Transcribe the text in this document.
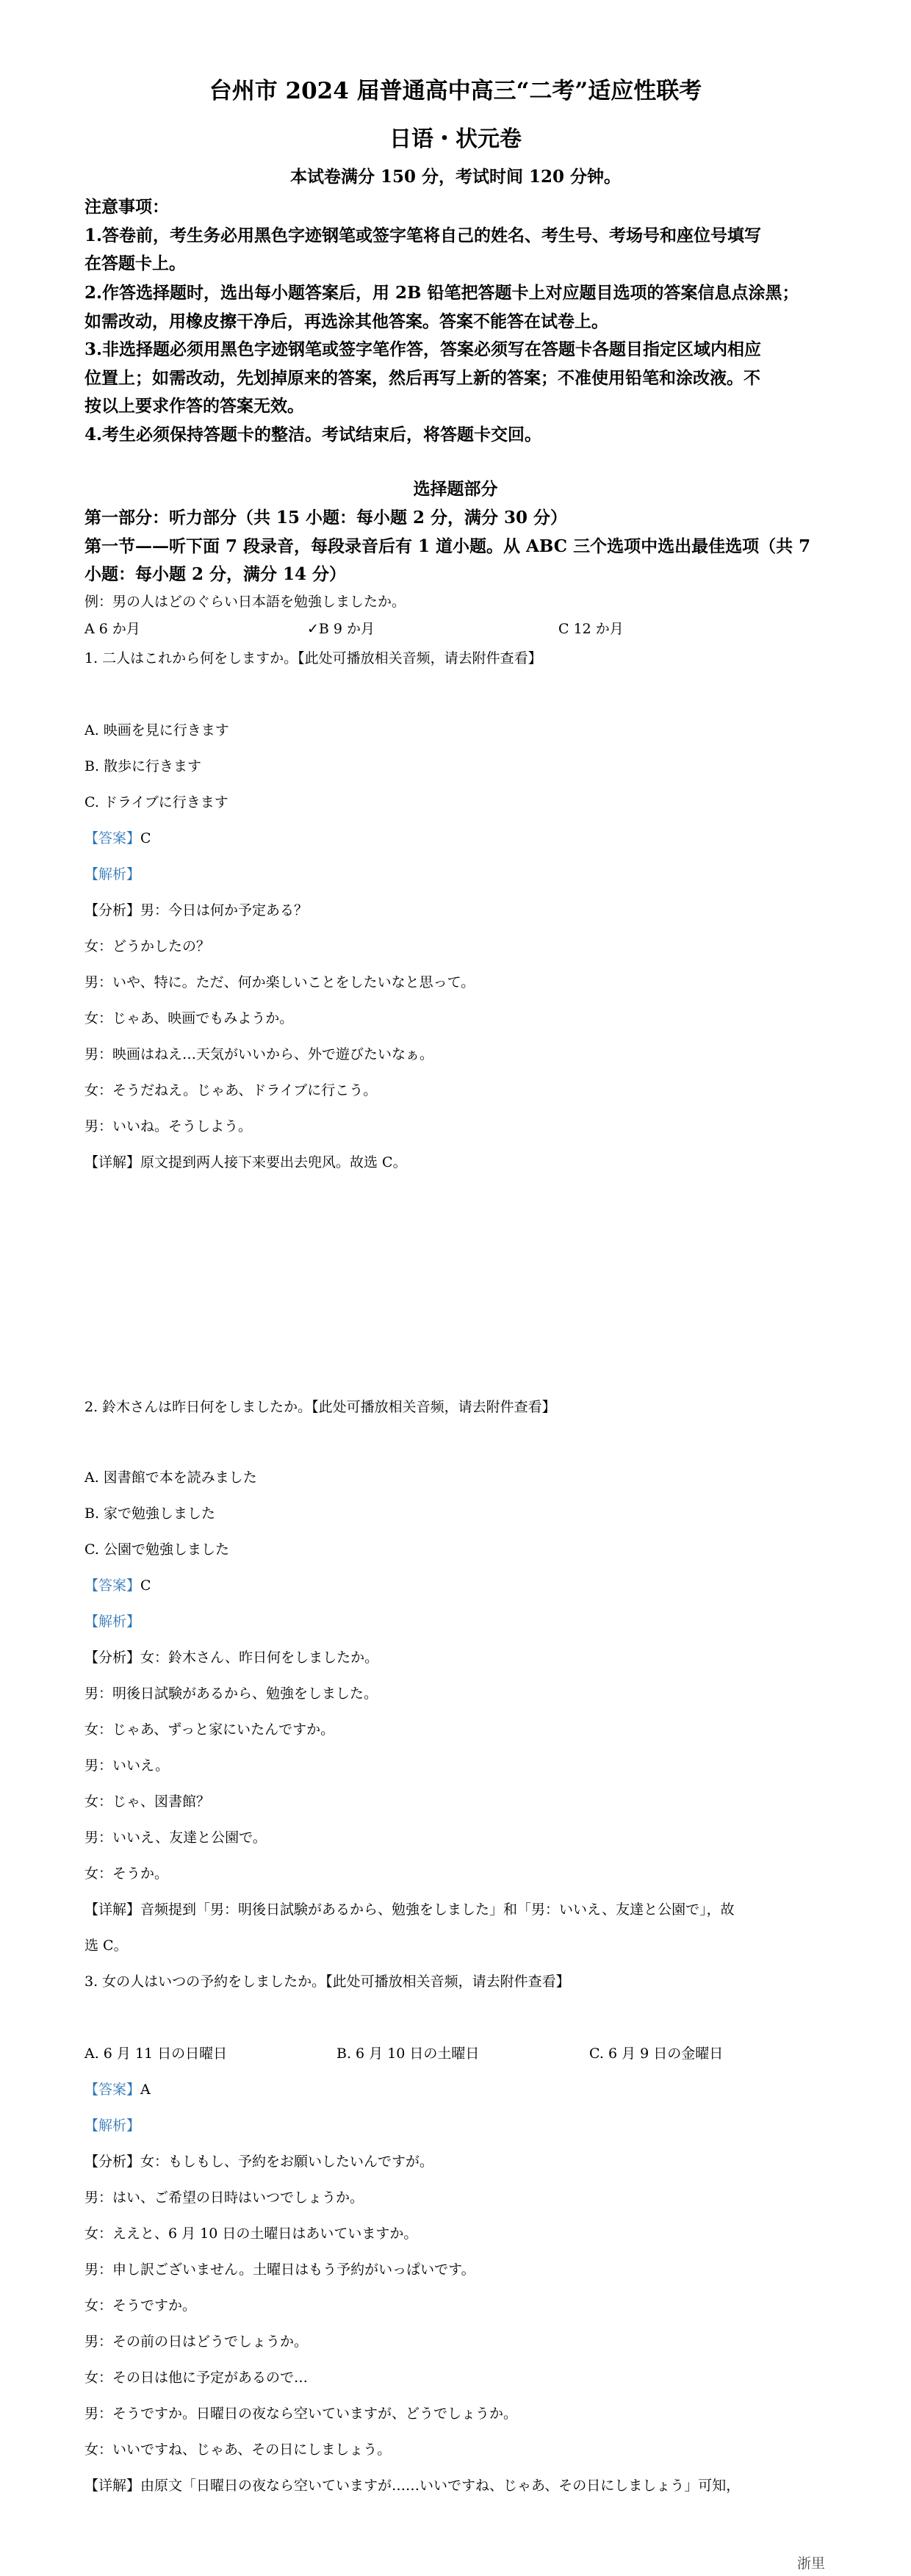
台州市 2024 届普通高中高三“二考”适应性联考
日语・状元卷
本试卷满分 150 分，考试时间 120 分钟。
注意事项：
1.答卷前，考生务必用黑色字迹钢笔或签字笔将自己的姓名、考生号、考场号和座位号填写
在答题卡上。
2.作答选择题时，选出每小题答案后，用 2B 铅笔把答题卡上对应题目选项的答案信息点涂黑；
如需改动，用橡皮擦干净后，再选涂其他答案。答案不能答在试卷上。
3.非选择题必须用黑色字迹钢笔或签字笔作答，答案必须写在答题卡各题目指定区域内相应
位置上；如需改动，先划掉原来的答案，然后再写上新的答案；不准使用铅笔和涂改液。不
按以上要求作答的答案无效。
4.考生必须保持答题卡的整洁。考试结束后，将答题卡交回。
选择题部分
第一部分：听力部分（共 15 小题：每小题 2 分，满分 30 分）
第一节——听下面 7 段录音，每段录音后有 1 道小题。从 ABC 三个选项中选出最佳选项（共 7
小题：每小题 2 分，满分 14 分）
例：男の人はどのぐらい日本語を勉強しましたか。
A 6 か月	✓B 9 か月	C 12 か月
1. 二人はこれから何をしますか。【此处可播放相关音频，请去附件查看】
A. 映画を見に行きます
B. 散歩に行きます
C. ドライブに行きます
【答案】C
【解析】
【分析】男：今日は何か予定ある？
女：どうかしたの？
男：いや、特に。ただ、何か楽しいことをしたいなと思って。
女：じゃあ、映画でもみようか。
男：映画はねえ…天気がいいから、外で遊びたいなぁ。
女：そうだねえ。じゃあ、ドライブに行こう。
男：いいね。そうしよう。
【详解】原文提到两人接下来要出去兜风。故选 C。
2. 鈴木さんは昨日何をしましたか。【此处可播放相关音频，请去附件查看】
A. 図書館で本を読みました
B. 家で勉強しました
C. 公園で勉強しました
【答案】C
【解析】
【分析】女：鈴木さん、昨日何をしましたか。
男：明後日試験があるから、勉強をしました。
女：じゃあ、ずっと家にいたんですか。
男：いいえ。
女：じゃ、図書館？
男：いいえ、友達と公園で。
女：そうか。
【详解】音频提到「男：明後日試験があるから、勉強をしました」和「男：いいえ、友達と公園で」，故
选 C。
3. 女の人はいつの予約をしましたか。【此处可播放相关音频，请去附件查看】
A. 6 月 11 日の日曜日	B. 6 月 10 日の土曜日	C. 6 月 9 日の金曜日
【答案】A
【解析】
【分析】女：もしもし、予約をお願いしたいんですが。
男：はい、ご希望の日時はいつでしょうか。
女：ええと、6 月 10 日の土曜日はあいていますか。
男：申し訳ございません。土曜日はもう予約がいっぱいです。
女：そうですか。
男：その前の日はどうでしょうか。
女：その日は他に予定があるので…
男：そうですか。日曜日の夜なら空いていますが、どうでしょうか。
女：いいですね、じゃあ、その日にしましょう。
【详解】由原文「日曜日の夜なら空いていますが……いいですね、じゃあ、その日にしましょう」可知，
浙里
